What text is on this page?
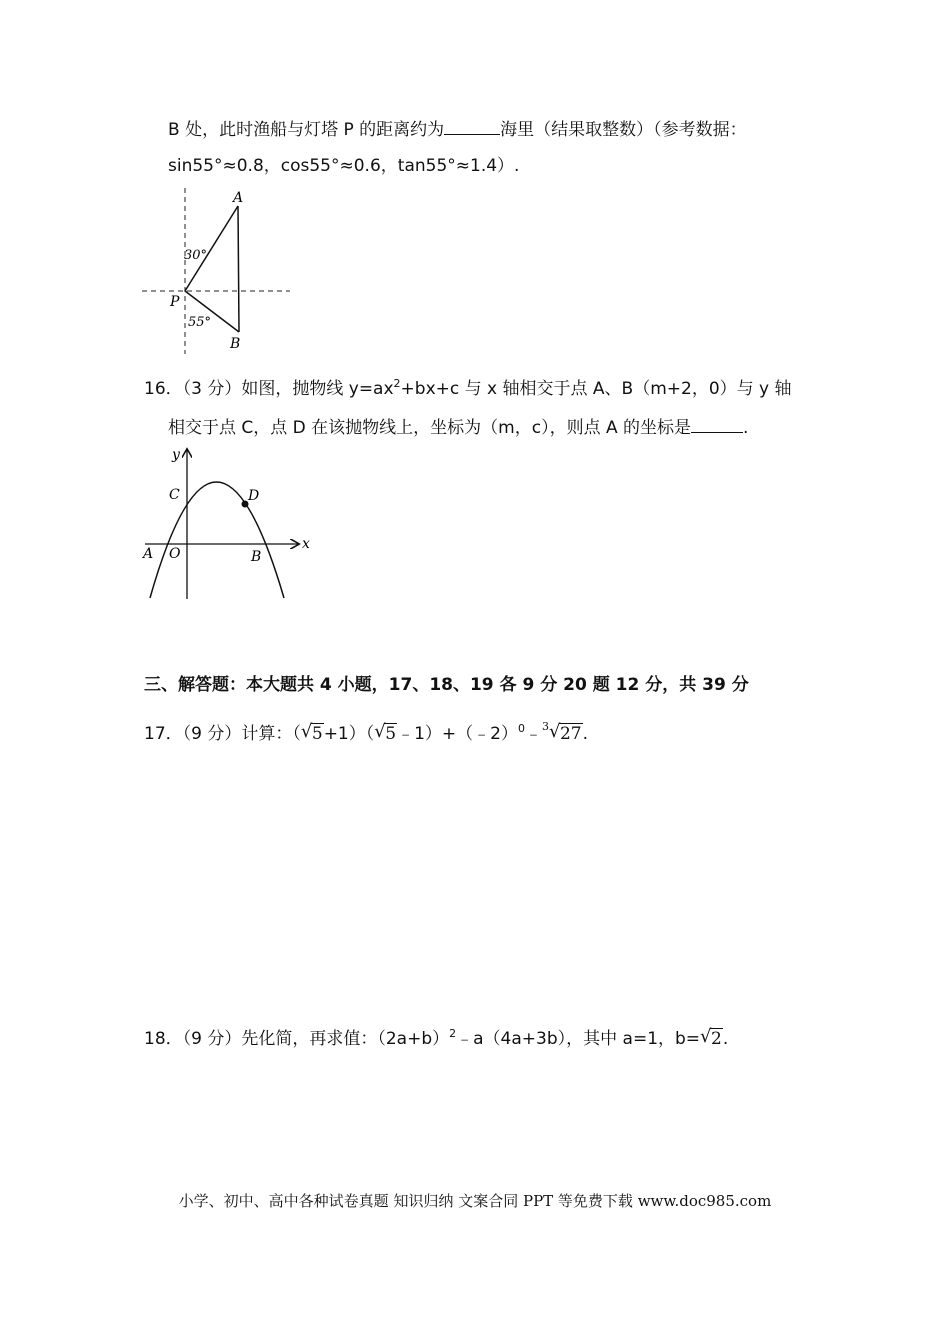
B 处，此时渔船与灯塔 P 的距离约为	海里（结果取整数）（参考数据：
sin55°≈0.8，cos55°≈0.6，tan55°≈1.4）.
A
P
B
30°
55°
16．（3 分）如图，抛物线 $y=ax^2+bx+c$ 与 x 轴相交于点 A、B（m+2，0）与 y 轴
相交于点 C，点 D 在该抛物线上，坐标为（m，c），则点 A 的坐标是	.
y
x
C	D
A O	B
三、解答题：本大题共 4 小题，17、18、19 各 9 分 20 题 12 分，共 39 分
17．（9 分）计算：（ √ 5+1）（ √ 5﹣1）+（﹣2）$^0$﹣$^3$ √ 27.
18．（9 分）先化简，再求值：$(2a+b)^2﹣a(4a+3b)$，其中 a=1，b= √ 2.
小学、初中、高中各种试卷真题 知识归纳 文案合同 PPT 等免费下载 www.doc985.com
